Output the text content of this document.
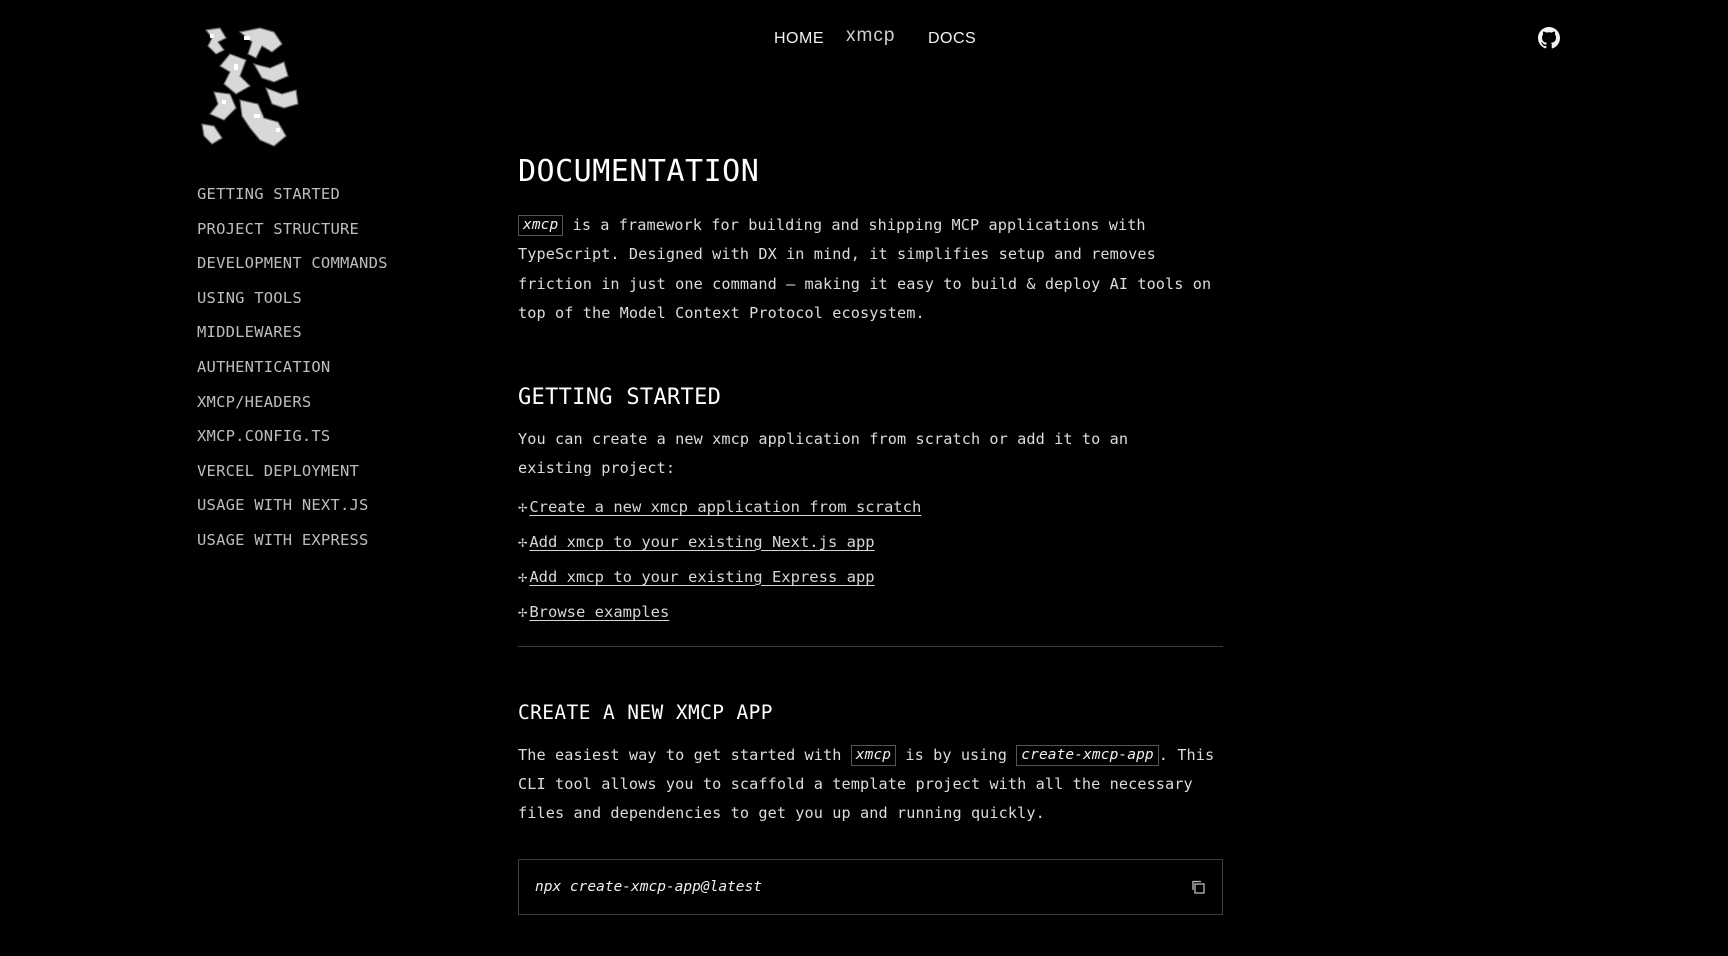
HOME xmcp DOCS
GETTING STARTED
PROJECT STRUCTURE
DEVELOPMENT COMMANDS
USING TOOLS
MIDDLEWARES
AUTHENTICATION
XMCP/HEADERS
XMCP.CONFIG.TS
VERCEL DEPLOYMENT
USAGE WITH NEXT.JS
USAGE WITH EXPRESS
DOCUMENTATION

xmcp is a framework for building and shipping MCP applications with
TypeScript. Designed with DX in mind, it simplifies setup and removes
friction in just one command — making it easy to build & deploy AI tools on
top of the Model Context Protocol ecosystem.

GETTING STARTED

You can create a new xmcp application from scratch or add it to an
existing project:

✢ Create a new xmcp application from scratch
✢ Add xmcp to your existing Next.js app
✢ Add xmcp to your existing Express app
✢ Browse examples
CREATE A NEW XMCP APP

The easiest way to get started with xmcp is by using create-xmcp-app . This
CLI tool allows you to scaffold a template project with all the necessary
files and dependencies to get you up and running quickly.

npx create-xmcp-app@latest
